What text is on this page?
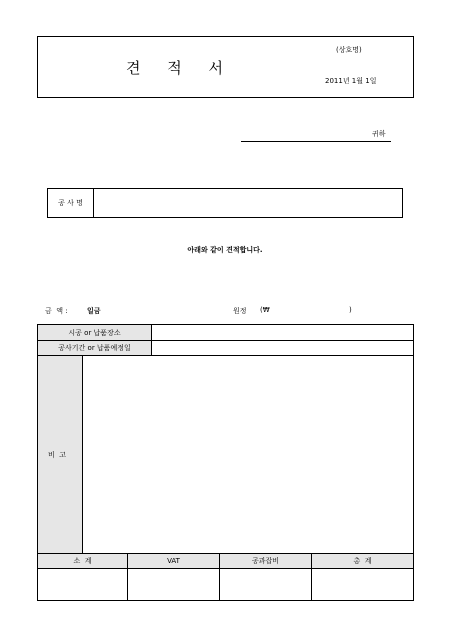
견 적 서
(상호명)
2011년 1월 1일
귀하
공 사 명
아래와 같이 견적합니다.
금  액 :	일금	원정 (₩	)
시공 or 납품장소
공사기간 or 납품예정일
비  고
소  계	VAT	공과잡비	총  계
